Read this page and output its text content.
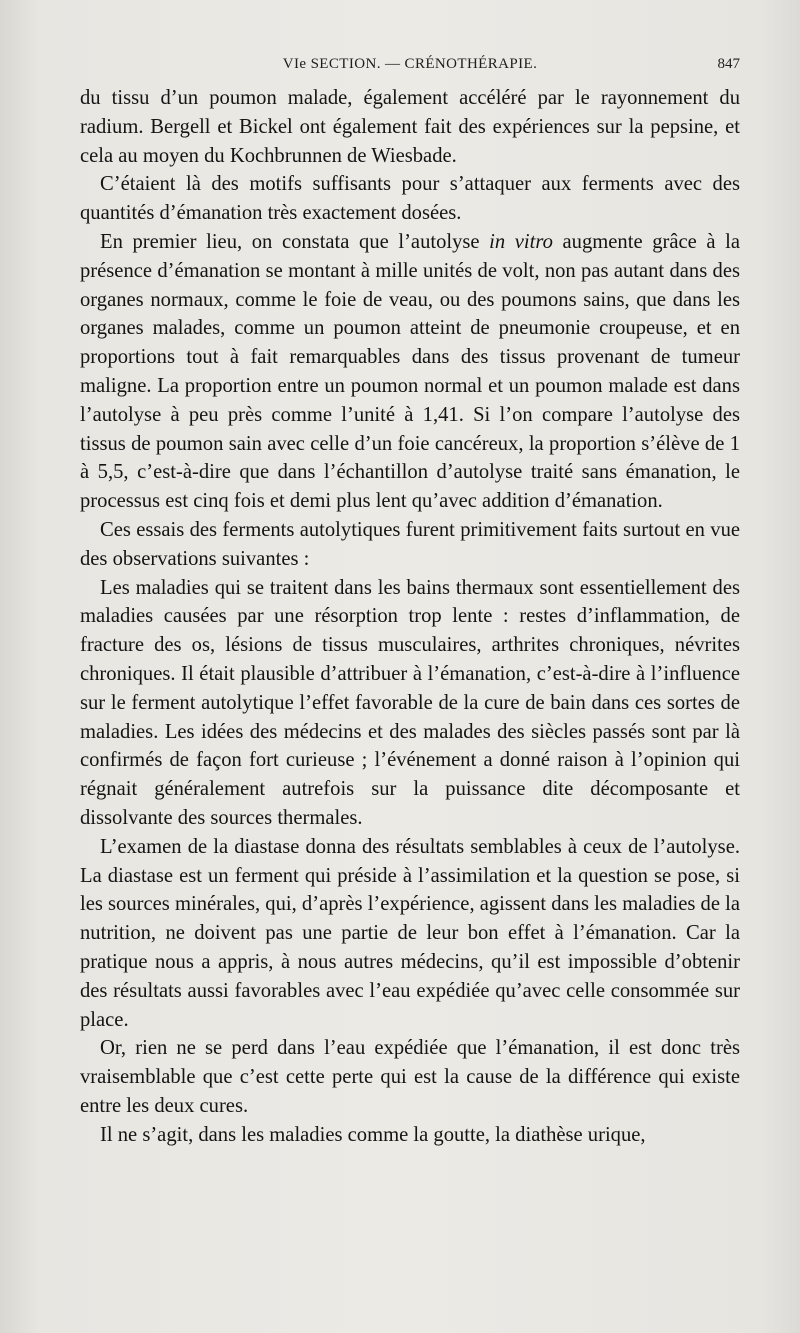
VIe SECTION. — CRÉNOTHÉRAPIE.	847

du tissu d’un poumon malade, également accéléré par le rayonnement du radium. Bergell et Bickel ont également fait des expériences sur la pepsine, et cela au moyen du Kochbrunnen de Wiesbade.

C’étaient là des motifs suffisants pour s’attaquer aux ferments avec des quantités d’émanation très exactement dosées.

En premier lieu, on constata que l’autolyse in vitro augmente grâce à la présence d’émanation se montant à mille unités de volt, non pas autant dans des organes normaux, comme le foie de veau, ou des poumons sains, que dans les organes malades, comme un poumon atteint de pneumonie croupeuse, et en proportions tout à fait remarquables dans des tissus provenant de tumeur maligne. La proportion entre un poumon normal et un poumon malade est dans l’autolyse à peu près comme l’unité à 1,41. Si l’on compare l’autolyse des tissus de poumon sain avec celle d’un foie cancéreux, la proportion s’élève de 1 à 5,5, c’est-à-dire que dans l’échantillon d’autolyse traité sans émanation, le processus est cinq fois et demi plus lent qu’avec addition d’émanation.

Ces essais des ferments autolytiques furent primitivement faits surtout en vue des observations suivantes :

Les maladies qui se traitent dans les bains thermaux sont essentiellement des maladies causées par une résorption trop lente : restes d’inflammation, de fracture des os, lésions de tissus musculaires, arthrites chroniques, névrites chroniques. Il était plausible d’attribuer à l’émanation, c’est-à-dire à l’influence sur le ferment autolytique l’effet favorable de la cure de bain dans ces sortes de maladies. Les idées des médecins et des malades des siècles passés sont par là confirmés de façon fort curieuse ; l’événement a donné raison à l’opinion qui régnait généralement autrefois sur la puissance dite décomposante et dissolvante des sources thermales.

L’examen de la diastase donna des résultats semblables à ceux de l’autolyse. La diastase est un ferment qui préside à l’assimilation et la question se pose, si les sources minérales, qui, d’après l’expérience, agissent dans les maladies de la nutrition, ne doivent pas une partie de leur bon effet à l’émanation. Car la pratique nous a appris, à nous autres médecins, qu’il est impossible d’obtenir des résultats aussi favorables avec l’eau expédiée qu’avec celle consommée sur place.

Or, rien ne se perd dans l’eau expédiée que l’émanation, il est donc très vraisemblable que c’est cette perte qui est la cause de la différence qui existe entre les deux cures.

Il ne s’agit, dans les maladies comme la goutte, la diathèse urique,
